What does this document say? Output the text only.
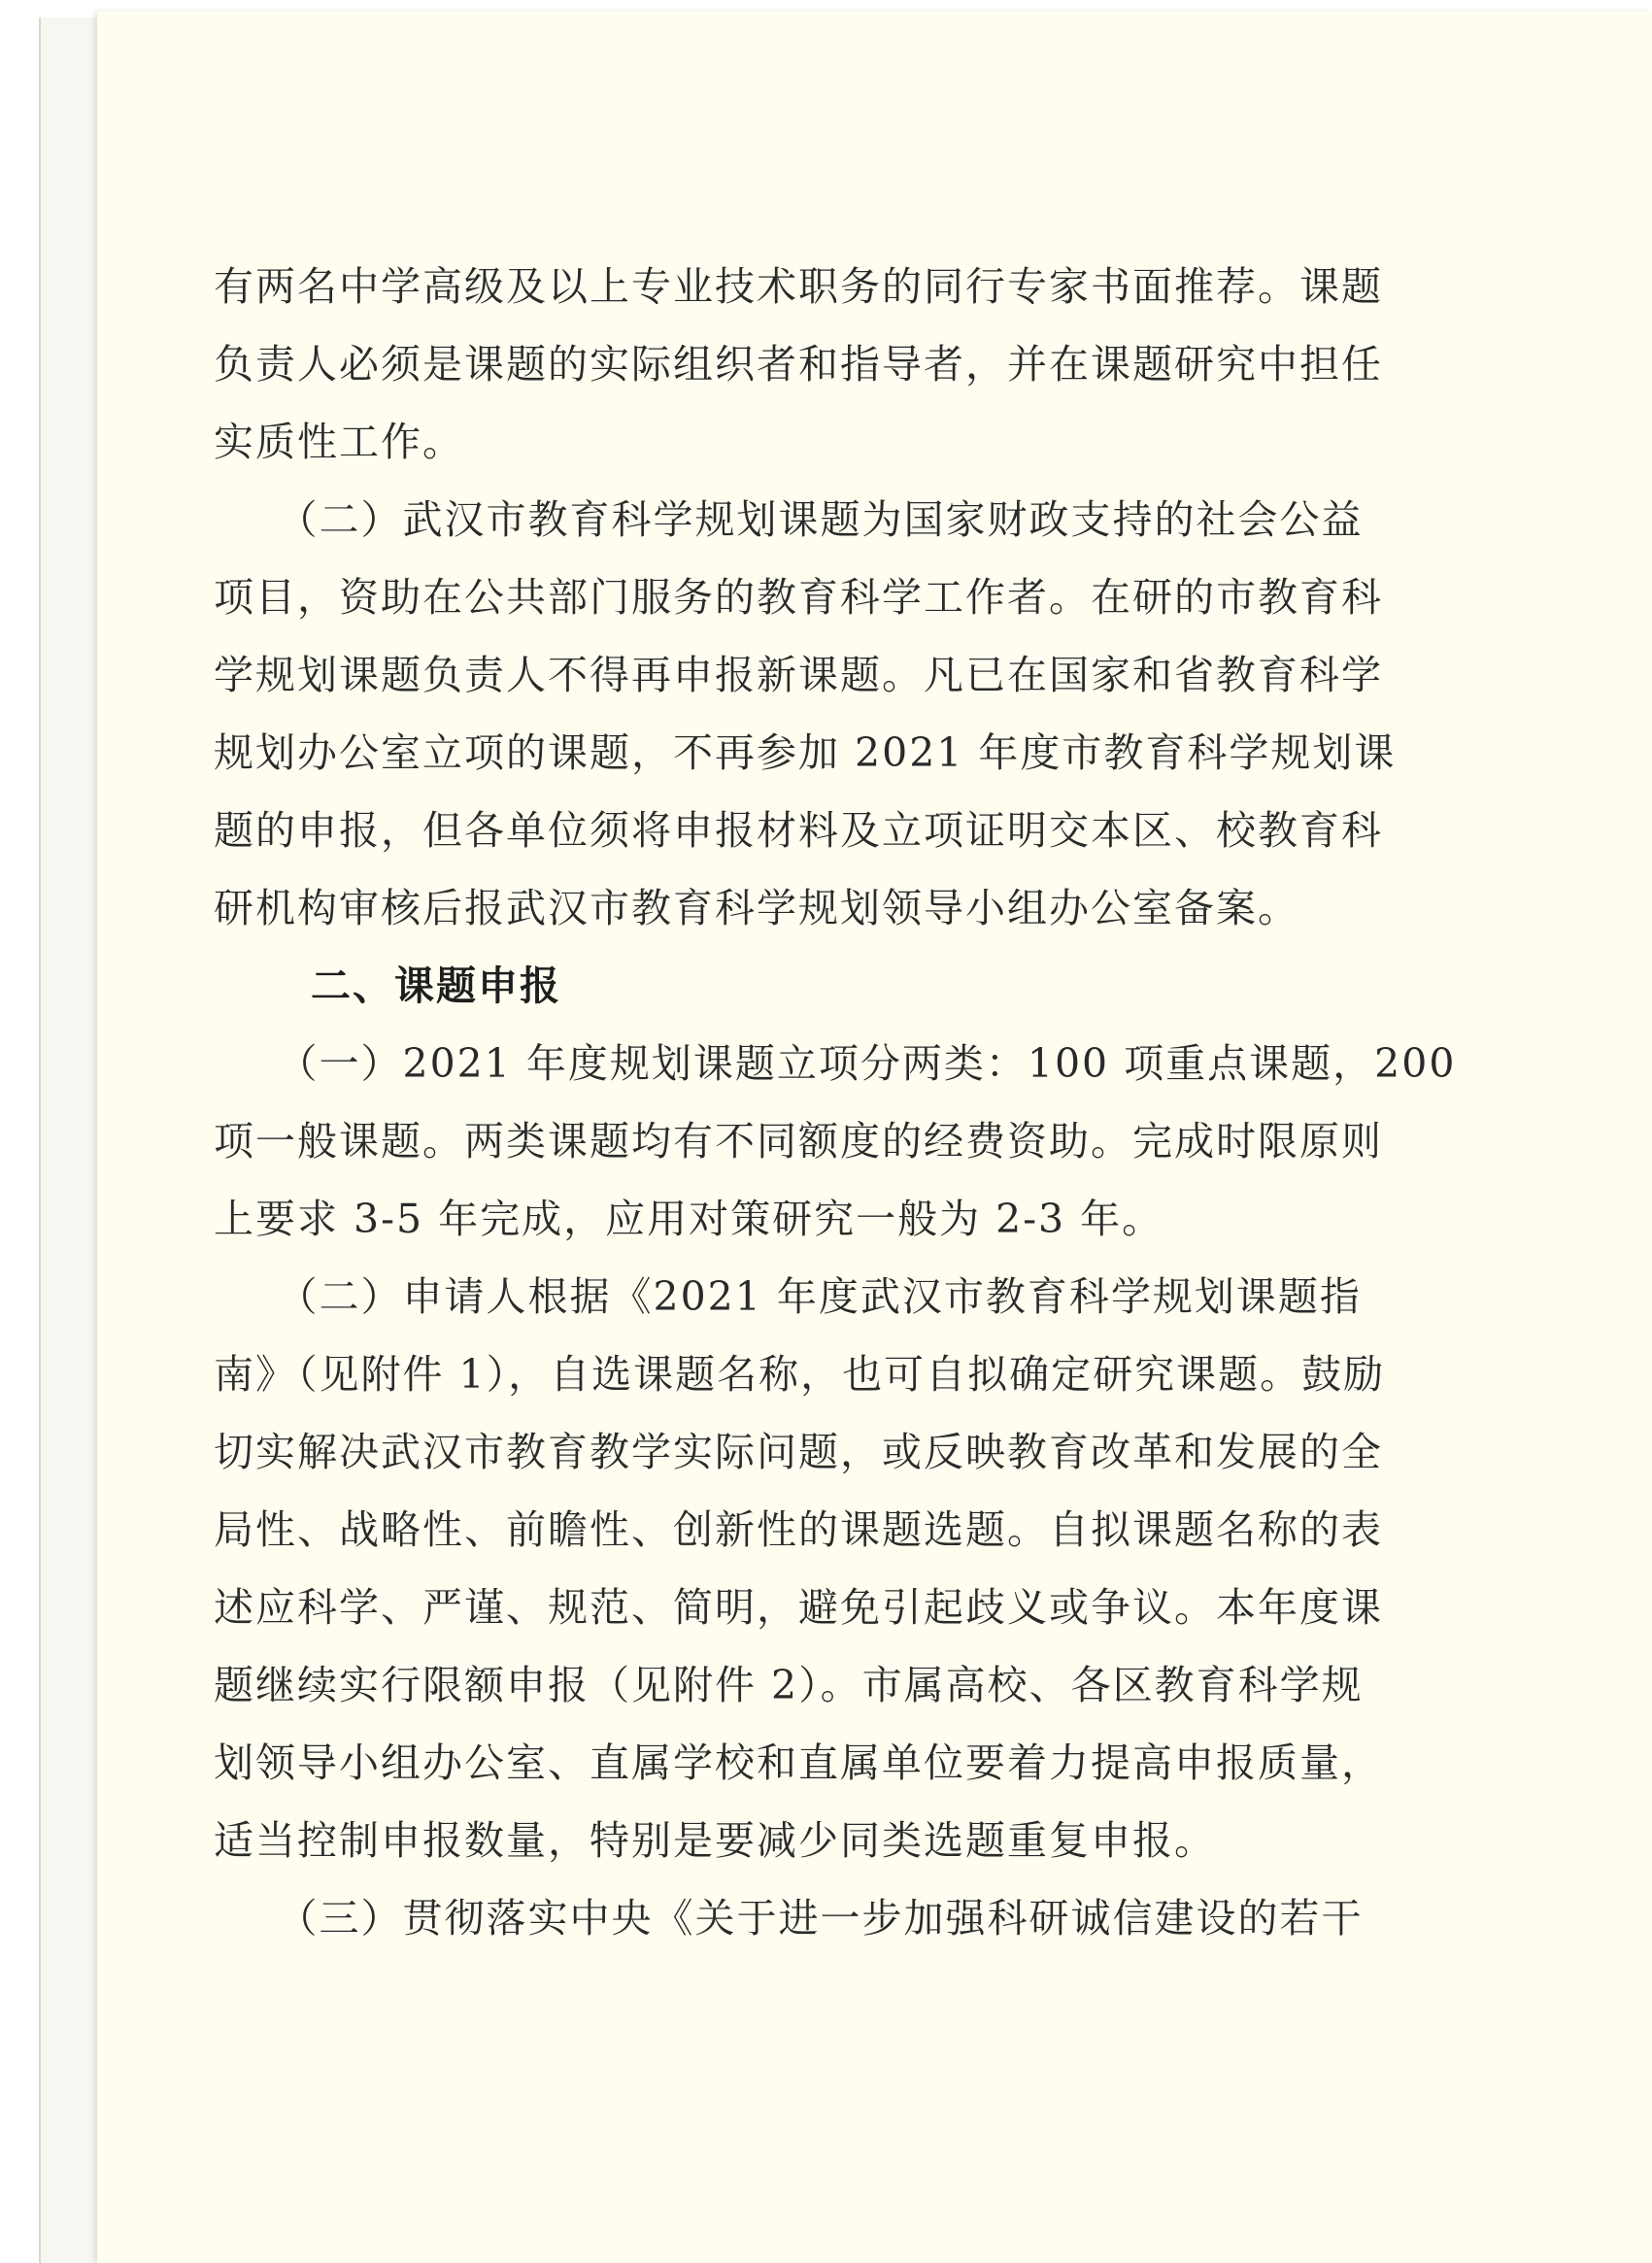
有两名中学高级及以上专业技术职务的同行专家书面推荐。课题

负责人必须是课题的实际组织者和指导者，并在课题研究中担任

实质性工作。

　　（二）武汉市教育科学规划课题为国家财政支持的社会公益

项目，资助在公共部门服务的教育科学工作者。在研的市教育科

学规划课题负责人不得再申报新课题。凡已在国家和省教育科学

规划办公室立项的课题，不再参加 2021 年度市教育科学规划课

题的申报，但各单位须将申报材料及立项证明交本区、校教育科

研机构审核后报武汉市教育科学规划领导小组办公室备案。

二、课题申报

　　（一）2021 年度规划课题立项分两类：100 项重点课题，200

项一般课题。两类课题均有不同额度的经费资助。完成时限原则

上要求 3-5 年完成，应用对策研究一般为 2-3 年。

　　（二）申请人根据《2021 年度武汉市教育科学规划课题指

南》（见附件 1），自选课题名称，也可自拟确定研究课题。鼓励

切实解决武汉市教育教学实际问题，或反映教育改革和发展的全

局性、战略性、前瞻性、创新性的课题选题。自拟课题名称的表

述应科学、严谨、规范、简明，避免引起歧义或争议。本年度课

题继续实行限额申报（见附件 2）。市属高校、各区教育科学规

划领导小组办公室、直属学校和直属单位要着力提高申报质量，

适当控制申报数量，特别是要减少同类选题重复申报。

　　（三）贯彻落实中央《关于进一步加强科研诚信建设的若干
